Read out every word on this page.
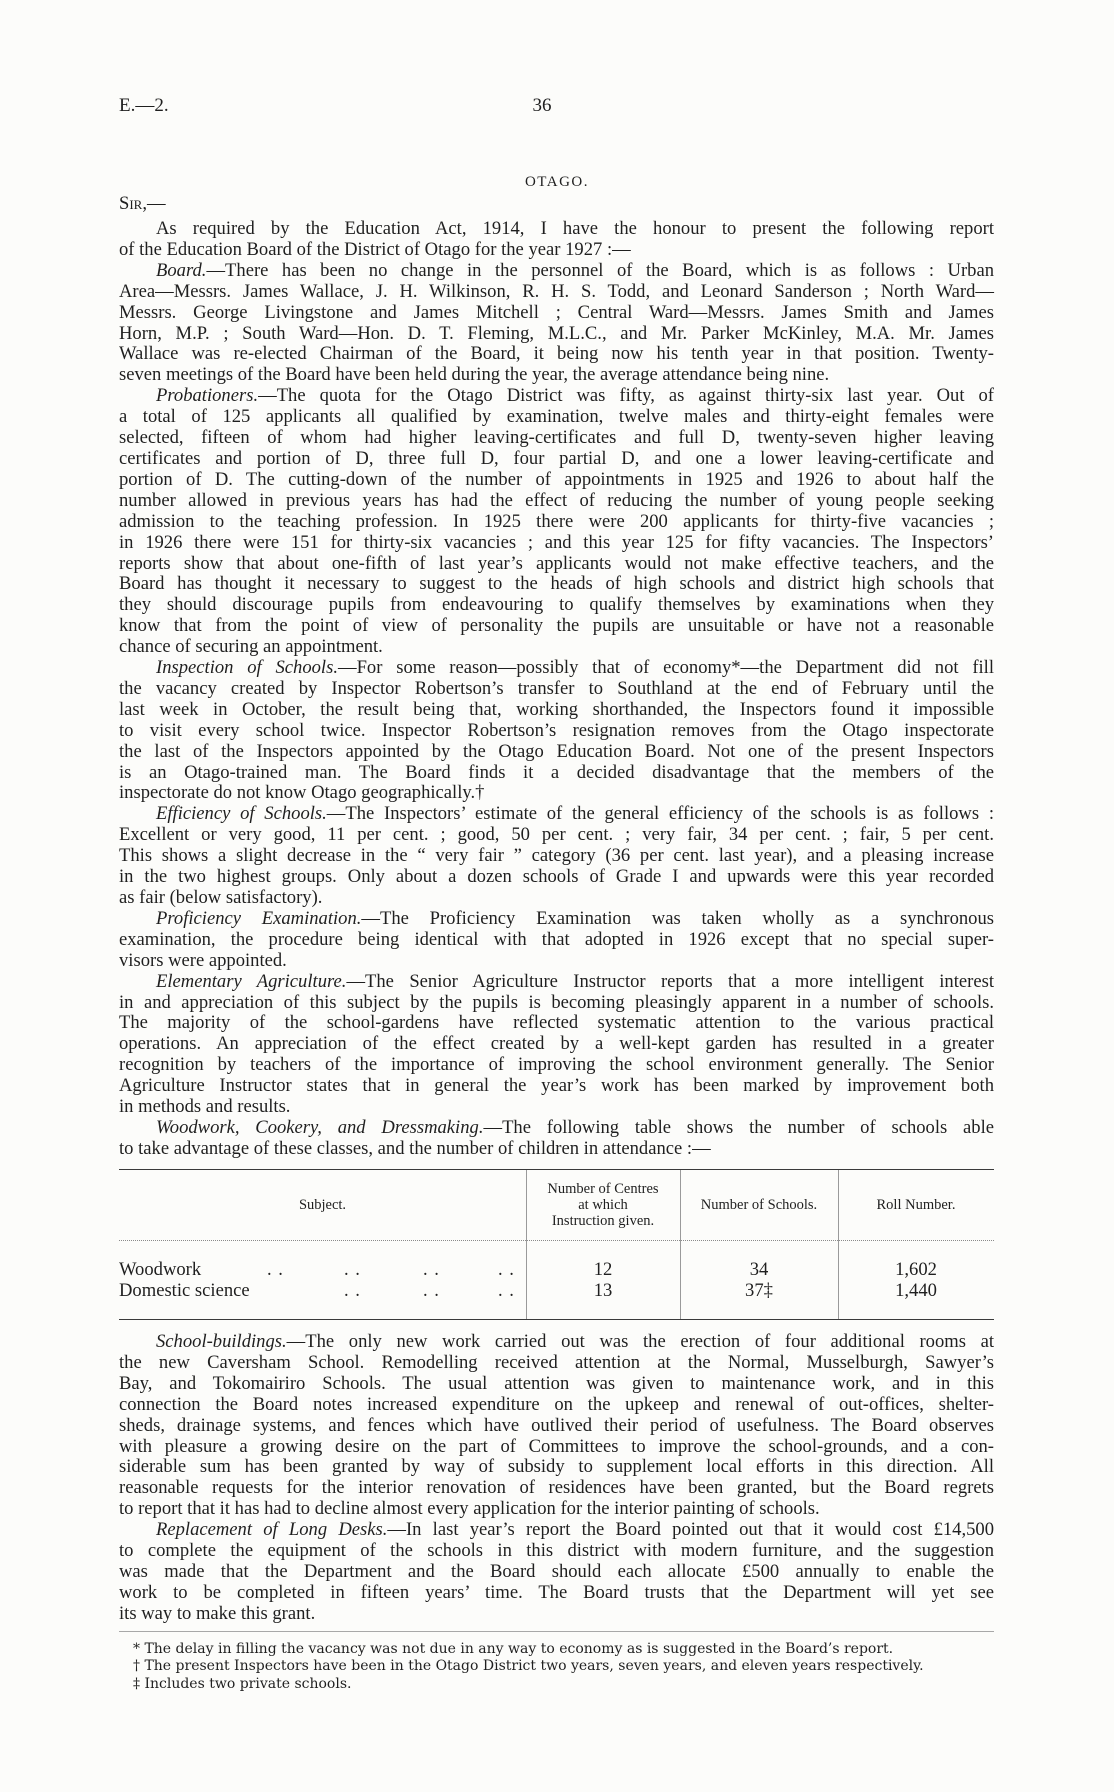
E.—2.	36
OTAGO.
Sir,—
As required by the Education Act, 1914, I have the honour to present the following report
of the Education Board of the District of Otago for the year 1927 :—
Board.—There has been no change in the personnel of the Board, which is as follows : Urban
Area—Messrs. James Wallace, J. H. Wilkinson, R. H. S. Todd, and Leonard Sanderson ; North Ward—
Messrs. George Livingstone and James Mitchell ; Central Ward—Messrs. James Smith and James
Horn, M.P. ; South Ward—Hon. D. T. Fleming, M.L.C., and Mr. Parker McKinley, M.A. Mr. James
Wallace was re-elected Chairman of the Board, it being now his tenth year in that position. Twenty-
seven meetings of the Board have been held during the year, the average attendance being nine.
Probationers.—The quota for the Otago District was fifty, as against thirty-six last year. Out of
a total of 125 applicants all qualified by examination, twelve males and thirty-eight females were
selected, fifteen of whom had higher leaving-certificates and full D, twenty-seven higher leaving
certificates and portion of D, three full D, four partial D, and one a lower leaving-certificate and
portion of D. The cutting-down of the number of appointments in 1925 and 1926 to about half the
number allowed in previous years has had the effect of reducing the number of young people seeking
admission to the teaching profession. In 1925 there were 200 applicants for thirty-five vacancies ;
in 1926 there were 151 for thirty-six vacancies ; and this year 125 for fifty vacancies. The Inspectors’
reports show that about one-fifth of last year’s applicants would not make effective teachers, and the
Board has thought it necessary to suggest to the heads of high schools and district high schools that
they should discourage pupils from endeavouring to qualify themselves by examinations when they
know that from the point of view of personality the pupils are unsuitable or have not a reasonable
chance of securing an appointment.
Inspection of Schools.—For some reason—possibly that of economy*—the Department did not fill
the vacancy created by Inspector Robertson’s transfer to Southland at the end of February until the
last week in October, the result being that, working shorthanded, the Inspectors found it impossible
to visit every school twice. Inspector Robertson’s resignation removes from the Otago inspectorate
the last of the Inspectors appointed by the Otago Education Board. Not one of the present Inspectors
is an Otago-trained man. The Board finds it a decided disadvantage that the members of the
inspectorate do not know Otago geographically.†
Efficiency of Schools.—The Inspectors’ estimate of the general efficiency of the schools is as follows :
Excellent or very good, 11 per cent. ; good, 50 per cent. ; very fair, 34 per cent. ; fair, 5 per cent.
This shows a slight decrease in the “ very fair ” category (36 per cent. last year), and a pleasing increase
in the two highest groups. Only about a dozen schools of Grade I and upwards were this year recorded
as fair (below satisfactory).
Proficiency Examination.—The Proficiency Examination was taken wholly as a synchronous
examination, the procedure being identical with that adopted in 1926 except that no special super-
visors were appointed.
Elementary Agriculture.—The Senior Agriculture Instructor reports that a more intelligent interest
in and appreciation of this subject by the pupils is becoming pleasingly apparent in a number of schools.
The majority of the school-gardens have reflected systematic attention to the various practical
operations. An appreciation of the effect created by a well-kept garden has resulted in a greater
recognition by teachers of the importance of improving the school environment generally. The Senior
Agriculture Instructor states that in general the year’s work has been marked by improvement both
in methods and results.
Woodwork, Cookery, and Dressmaking.—The following table shows the number of schools able
to take advantage of these classes, and the number of children in attendance :—
Subject.
Number of Centres
at which
Instruction given.
Number of Schools.	Roll Number.
Woodwork . . . . . . . .	12	34	1,602
Domestic science . . . . . .	13	37‡	1,440
School-buildings.—The only new work carried out was the erection of four additional rooms at
the new Caversham School. Remodelling received attention at the Normal, Musselburgh, Sawyer’s
Bay, and Tokomairiro Schools. The usual attention was given to maintenance work, and in this
connection the Board notes increased expenditure on the upkeep and renewal of out-offices, shelter-
sheds, drainage systems, and fences which have outlived their period of usefulness. The Board observes
with pleasure a growing desire on the part of Committees to improve the school-grounds, and a con-
siderable sum has been granted by way of subsidy to supplement local efforts in this direction. All
reasonable requests for the interior renovation of residences have been granted, but the Board regrets
to report that it has had to decline almost every application for the interior painting of schools.
Replacement of Long Desks.—In last year’s report the Board pointed out that it would cost £14,500
to complete the equipment of the schools in this district with modern furniture, and the suggestion
was made that the Department and the Board should each allocate £500 annually to enable the
work to be completed in fifteen years’ time. The Board trusts that the Department will yet see
its way to make this grant.
* The delay in filling the vacancy was not due in any way to economy as is suggested in the Board’s report.
† The present Inspectors have been in the Otago District two years, seven years, and eleven years respectively.
‡ Includes two private schools.
